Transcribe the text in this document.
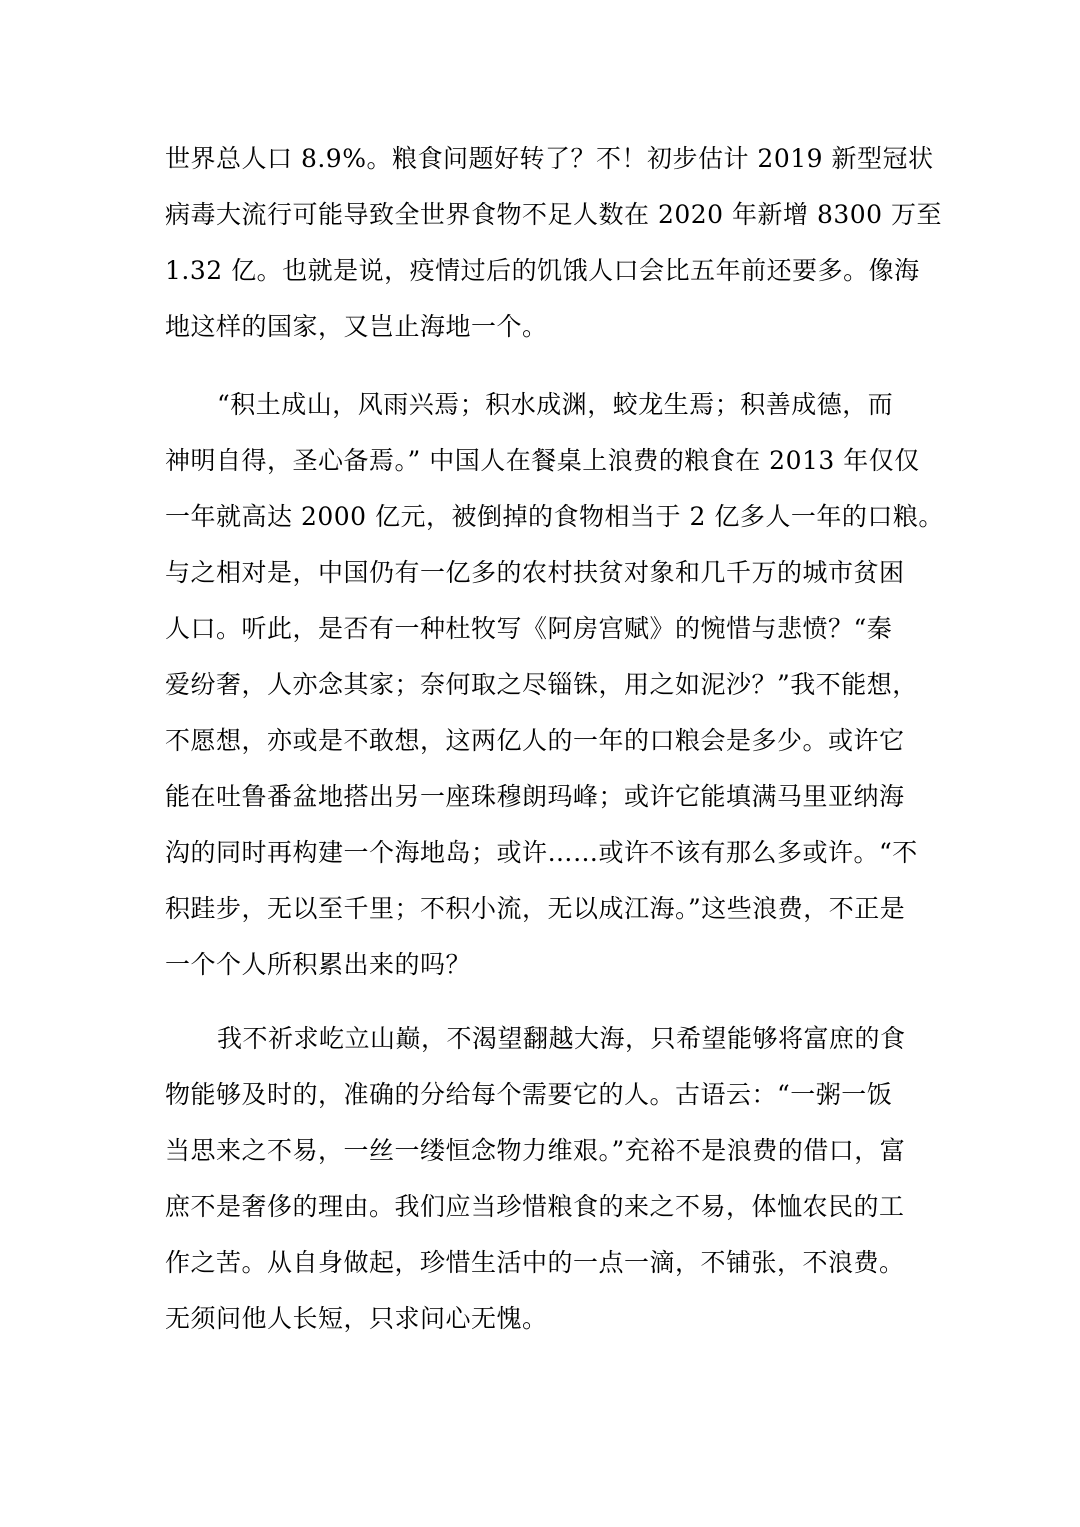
世界总人口 8.9%。粮食问题好转了？不！初步估计 2019 新型冠状
病毒大流行可能导致全世界食物不足人数在 2020 年新增 8300 万至
1.32 亿。也就是说，疫情过后的饥饿人口会比五年前还要多。像海
地这样的国家，又岂止海地一个。

“积土成山，风雨兴焉；积水成渊，蛟龙生焉；积善成德，而
神明自得，圣心备焉。” 中国人在餐桌上浪费的粮食在 2013 年仅仅
一年就高达 2000 亿元，被倒掉的食物相当于 2 亿多人一年的口粮。
与之相对是，中国仍有一亿多的农村扶贫对象和几千万的城市贫困
人口。听此，是否有一种杜牧写《阿房宫赋》的惋惜与悲愤？“秦
爱纷奢，人亦念其家；奈何取之尽锱铢，用之如泥沙？”我不能想，
不愿想，亦或是不敢想，这两亿人的一年的口粮会是多少。或许它
能在吐鲁番盆地搭出另一座珠穆朗玛峰；或许它能填满马里亚纳海
沟的同时再构建一个海地岛；或许……或许不该有那么多或许。“不
积跬步，无以至千里；不积小流，无以成江海。”这些浪费，不正是
一个个人所积累出来的吗？

我不祈求屹立山巅，不渴望翻越大海，只希望能够将富庶的食
物能够及时的，准确的分给每个需要它的人。古语云：“一粥一饭
当思来之不易，一丝一缕恒念物力维艰。”充裕不是浪费的借口，富
庶不是奢侈的理由。我们应当珍惜粮食的来之不易，体恤农民的工
作之苦。从自身做起，珍惜生活中的一点一滴，不铺张，不浪费。
无须问他人长短，只求问心无愧。
